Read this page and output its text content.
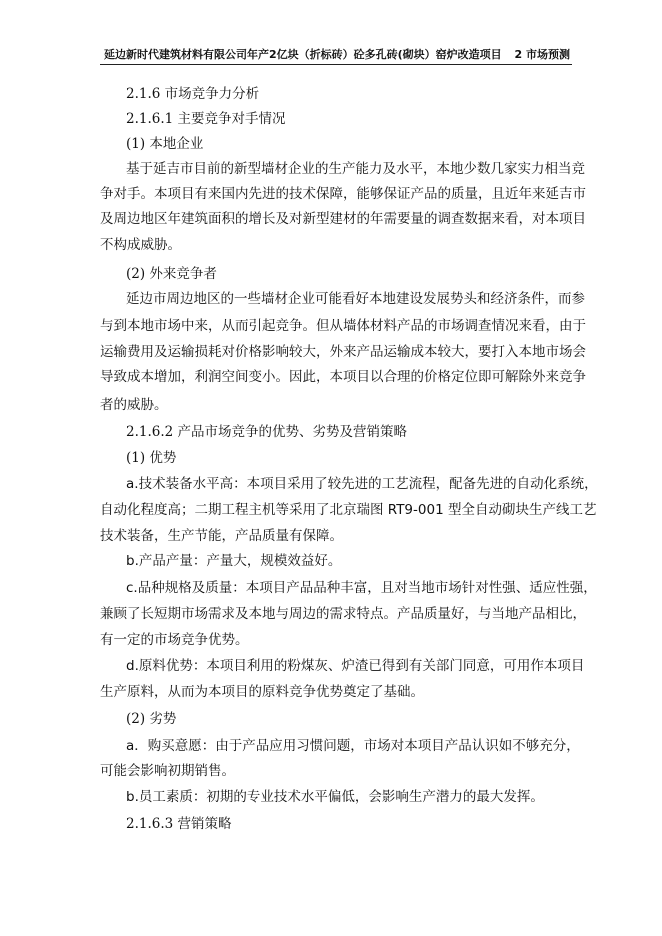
延边新时代建筑材料有限公司年产2亿块（折标砖）砼多孔砖(砌块）窑炉改造项目 2 市场预测
2.1.6 市场竞争力分析
2.1.6.1 主要竞争对手情况
(1) 本地企业
基于延吉市目前的新型墙材企业的生产能力及水平，本地少数几家实力相当竞
争对手。本项目有来国内先进的技术保障，能够保证产品的质量，且近年来延吉市
及周边地区年建筑面积的增长及对新型建材的年需要量的调查数据来看，对本项目
不构成威胁。
(2) 外来竞争者
延边市周边地区的一些墙材企业可能看好本地建设发展势头和经济条件，而参
与到本地市场中来，从而引起竞争。但从墙体材料产品的市场调查情况来看，由于
运输费用及运输损耗对价格影响较大，外来产品运输成本较大，要打入本地市场会
导致成本增加，利润空间变小。因此，本项目以合理的价格定位即可解除外来竞争
者的威胁。
2.1.6.2 产品市场竞争的优势、劣势及营销策略
(1) 优势
a.技术装备水平高：本项目采用了较先进的工艺流程，配备先进的自动化系统，
自动化程度高；二期工程主机等采用了北京瑞图 RT9-001 型全自动砌块生产线工艺
技术装备，生产节能，产品质量有保障。
b.产品产量：产量大，规模效益好。
c.品种规格及质量：本项目产品品种丰富，且对当地市场针对性强、适应性强，
兼顾了长短期市场需求及本地与周边的需求特点。产品质量好，与当地产品相比，
有一定的市场竞争优势。
d.原料优势：本项目利用的粉煤灰、炉渣已得到有关部门同意，可用作本项目
生产原料，从而为本项目的原料竞争优势奠定了基础。
(2) 劣势
a．购买意愿：由于产品应用习惯问题，市场对本项目产品认识如不够充分，
可能会影响初期销售。
b.员工素质：初期的专业技术水平偏低，会影响生产潜力的最大发挥。
2.1.6.3 营销策略
